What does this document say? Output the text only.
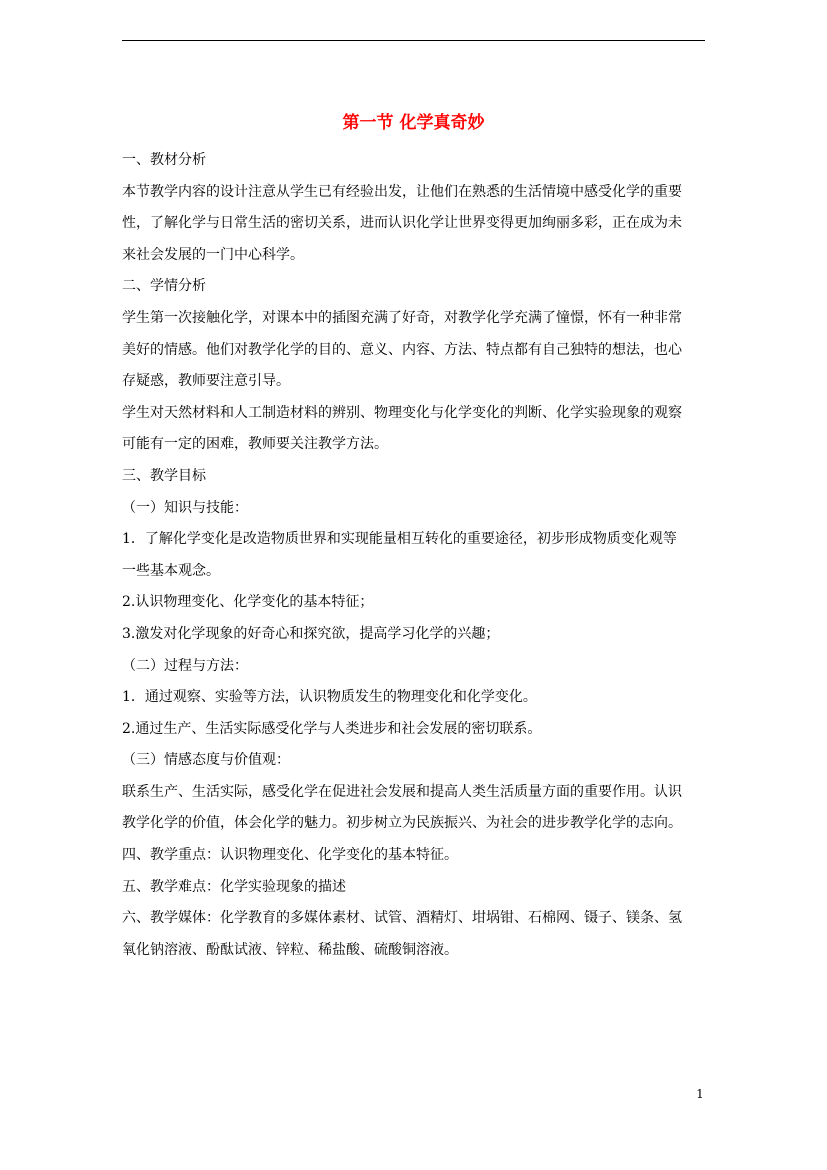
第一节 化学真奇妙
一、教材分析
本节教学内容的设计注意从学生已有经验出发，让他们在熟悉的生活情境中感受化学的重要
性，了解化学与日常生活的密切关系，进而认识化学让世界变得更加绚丽多彩，正在成为未
来社会发展的一门中心科学。
二、学情分析
学生第一次接触化学，对课本中的插图充满了好奇，对教学化学充满了憧憬，怀有一种非常
美好的情感。他们对教学化学的目的、意义、内容、方法、特点都有自己独特的想法，也心
存疑惑，教师要注意引导。
学生对天然材料和人工制造材料的辨别、物理变化与化学变化的判断、化学实验现象的观察
可能有一定的困难，教师要关注教学方法。
三、教学目标
（一）知识与技能：
1．了解化学变化是改造物质世界和实现能量相互转化的重要途径，初步形成物质变化观等
一些基本观念。
2.认识物理变化、化学变化的基本特征；
3.激发对化学现象的好奇心和探究欲，提高学习化学的兴趣；
（二）过程与方法：
1．通过观察、实验等方法，认识物质发生的物理变化和化学变化。
2.通过生产、生活实际感受化学与人类进步和社会发展的密切联系。
（三）情感态度与价值观：
联系生产、生活实际，感受化学在促进社会发展和提高人类生活质量方面的重要作用。认识
教学化学的价值，体会化学的魅力。初步树立为民族振兴、为社会的进步教学化学的志向。
四、教学重点：认识物理变化、化学变化的基本特征。
五、教学难点：化学实验现象的描述
六、教学媒体：化学教育的多媒体素材、试管、酒精灯、坩埚钳、石棉网、镊子、镁条、氢
氧化钠溶液、酚酞试液、锌粒、稀盐酸、硫酸铜溶液。
1
